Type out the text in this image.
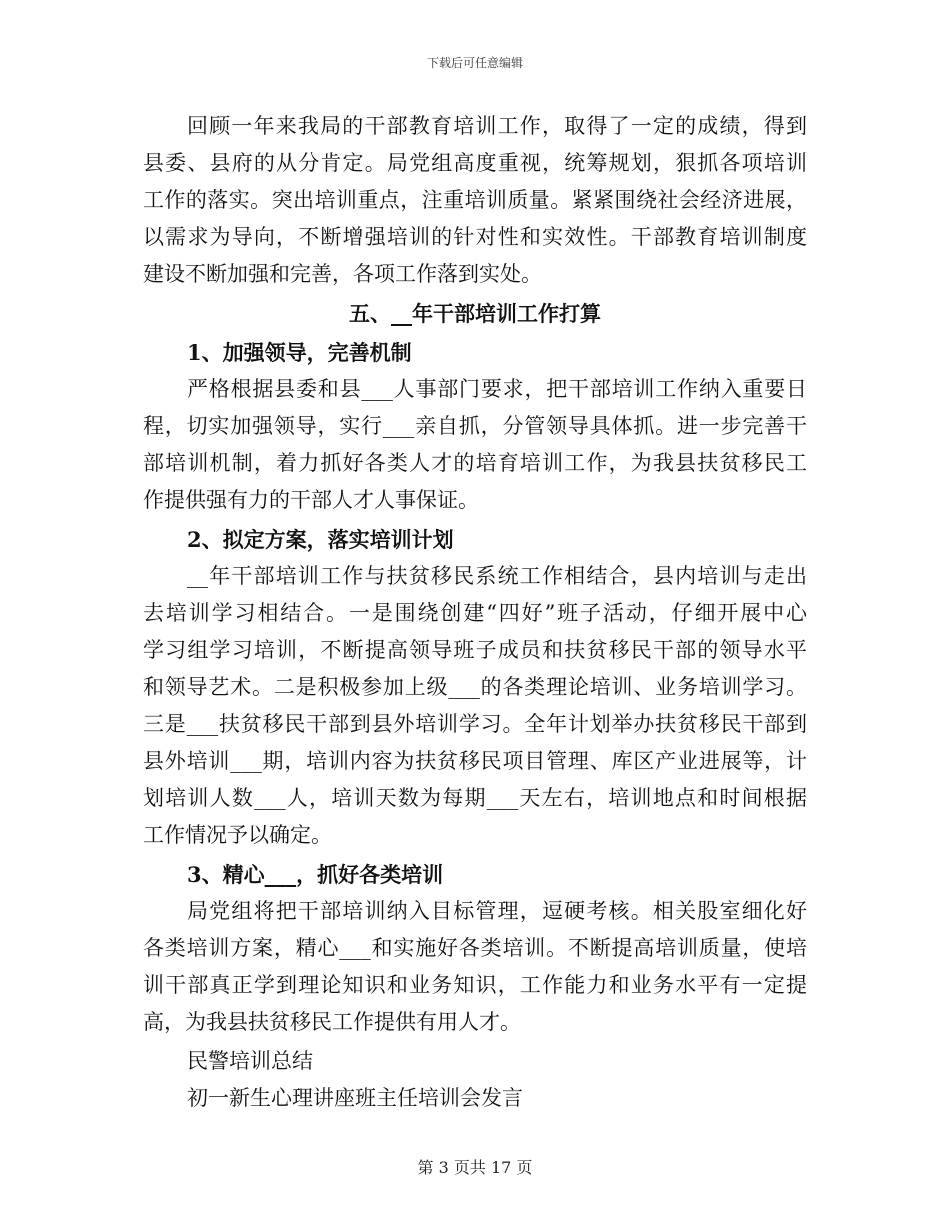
下载后可任意编辑
回顾一年来我局的干部教育培训工作，取得了一定的成绩，得到
县委、县府的从分肯定。局党组高度重视，统筹规划，狠抓各项培训
工作的落实。突出培训重点，注重培训质量。紧紧围绕社会经济进展，
以需求为导向，不断增强培训的针对性和实效性。干部教育培训制度
建设不断加强和完善，各项工作落到实处。
五、__年干部培训工作打算
1、加强领导，完善机制
严格根据县委和县___人事部门要求，把干部培训工作纳入重要日
程，切实加强领导，实行___亲自抓，分管领导具体抓。进一步完善干
部培训机制，着力抓好各类人才的培育培训工作，为我县扶贫移民工
作提供强有力的干部人才人事保证。
2、拟定方案，落实培训计划
__年干部培训工作与扶贫移民系统工作相结合，县内培训与走出
去培训学习相结合。一是围绕创建“四好”班子活动，仔细开展中心
学习组学习培训，不断提高领导班子成员和扶贫移民干部的领导水平
和领导艺术。二是积极参加上级___的各类理论培训、业务培训学习。
三是___扶贫移民干部到县外培训学习。全年计划举办扶贫移民干部到
县外培训___期，培训内容为扶贫移民项目管理、库区产业进展等，计
划培训人数___人，培训天数为每期___天左右，培训地点和时间根据
工作情况予以确定。
3、精心___，抓好各类培训
局党组将把干部培训纳入目标管理，逗硬考核。相关股室细化好
各类培训方案，精心___和实施好各类培训。不断提高培训质量，使培
训干部真正学到理论知识和业务知识，工作能力和业务水平有一定提
高，为我县扶贫移民工作提供有用人才。
民警培训总结
初一新生心理讲座班主任培训会发言
第 3 页共 17 页
